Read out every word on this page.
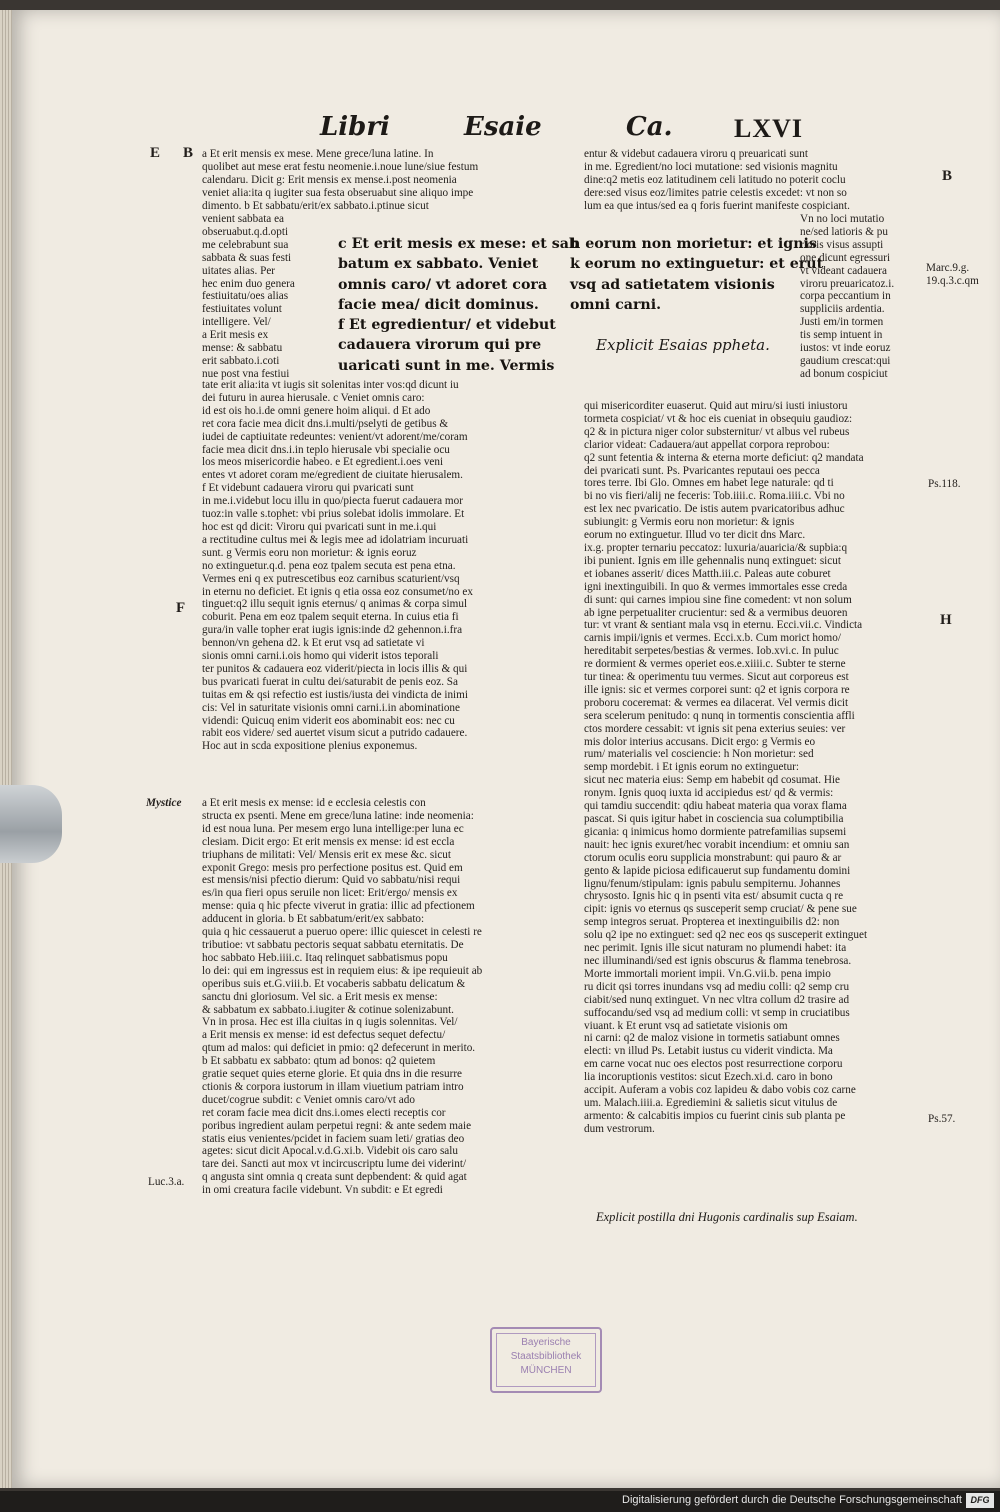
Libri	Esaie	Ca. LXVI
E B
B
F
H
Mystice
Marc.9.g.
19.q.3.c.qm
Ps.118.
Ps.57.
Luc.3.a.
a Et erit mensis ex mese. Mene grece/luna latine. In
quolibet aut mese erat festu neomenie.i.noue lune/siue festum
calendaru. Dicit g: Erit mensis ex mense.i.post neomenia
veniet alia:ita q iugiter sua festa obseruabut sine aliquo impe
dimento. b Et sabbatu/erit/ex sabbato.i.ptinue sicut
venient sabbata ea
obseruabut.q.d.opti
me celebrabunt sua
sabbata & suas festi
uitates alias. Per
hec enim duo genera
festiuitatu/oes alias
festiuitates volunt
intelligere. Vel/
a Erit mesis ex
mense: & sabbatu
erit sabbato.i.coti
nue post vna festiui
c Et erit mesis ex mese: et sab
batum ex sabbato. Veniet
omnis caro/ vt adoret cora
facie mea/ dicit dominus.
f Et egredientur/ et videbut
cadauera virorum qui pre
uaricati sunt in me. Vermis
h eorum non morietur: et
k eorum no extinguetur: et
vsq ad satietatem visionis
omni carni.
Explicit Esaias ppheta.
entur & videbut cadauera viroru q preuaricati sunt
in me. Egredient/no loci mutatione: sed visionis magnitu
dine:q2 metis eoz latitudinem celi latitudo no poterit coclu
dere:sed visus eoz/limites patrie celestis excedet: vt non so
lum ea que intus/sed ea q foris fuerint manifeste cospiciant.
Vn no loci mutatio
ne/sed latioris & pu
rioris visus assupti
one dicunt egressuri
vt videant cadauera
viroru preuaricatoz.i.
corpa peccantium in
suppliciis ardentia.
Justi em/in tormen
tis semp intuent in
iustos: vt inde eoruz
gaudium crescat:qui
ad bonum cospiciut
tate erit alia:ita vt iugis sit solenitas inter vos:qd dicunt iu
dei futuru in aurea hierusale. c Veniet omnis caro:
id est ois ho.i.de omni genere hoim aliqui. d Et ado
ret cora facie mea dicit dns.i.multi/pselyti de getibus &
iudei de captiuitate redeuntes: venient/vt adorent/me/coram
facie mea dicit dns.i.in teplo hierusale vbi specialie ocu
los meos misericordie habeo. e Et egredient.i.oes veni
entes vt adoret coram me/egredient de ciuitate hierusalem.
f Et videbunt cadauera viroru qui pvaricati sunt
in me.i.videbut locu illu in quo/piecta fuerut cadauera mor
tuoz:in valle s.tophet: vbi prius solebat idolis immolare. Et
hoc est qd dicit: Viroru qui pvaricati sunt in me.i.qui
a rectitudine cultus mei & legis mee ad idolatriam incuruati
sunt. g Vermis eoru non morietur: & ignis eoruz
no extinguetur.q.d. pena eoz tpalem secuta est pena etna.
Vermes eni q ex putrescetibus eoz carnibus scaturient/vsq
in eternu no deficiet. Et ignis q etia ossa eoz consumet/no ex
tinguet:q2 illu sequit ignis eternus/ q animas & corpa simul
coburit. Pena em eoz tpalem sequit eterna. In cuius etia fi
gura/in valle topher erat iugis ignis:inde d2 gehennon.i.fra
bennon/vn gehena d2. k Et erut vsq ad satietate vi
sionis omni carni.i.ois homo qui viderit istos teporali
ter punitos & cadauera eoz viderit/piecta in locis illis & qui
bus pvaricati fuerat in cultu dei/saturabit de penis eoz. Sa
tuitas em & qsi refectio est iustis/iusta dei vindicta de inimi
cis: Vel in saturitate visionis omni carni.i.in abominatione
videndi: Quicuq enim viderit eos abominabit eos: nec cu
rabit eos videre/ sed auertet visum sicut a putrido cadauere.
Hoc aut in scda expositione plenius exponemus.
a Et erit mesis ex mense: id e ecclesia celestis con
structa ex psenti. Mene em grece/luna latine: inde neomenia:
id est noua luna. Per mesem ergo luna intellige:per luna ec
clesiam. Dicit ergo: Et erit mensis ex mense: id est eccla
triuphans de militati: Vel/ Mensis erit ex mese &c. sicut
exponit Grego: mesis pro perfectione positus est. Quid em
est mensis/nisi pfectio dierum: Quid vo sabbatu/nisi requi
es/in qua fieri opus seruile non licet: Erit/ergo/ mensis ex
mense: quia q hic pfecte viverut in gratia: illic ad pfectionem
adducent in gloria. b Et sabbatum/erit/ex sabbato:
quia q hic cessauerut a pueruo opere: illic quiescet in celesti re
tributioe: vt sabbatu pectoris sequat sabbatu eternitatis. De
hoc sabbato Heb.iiii.c. Itaq relinquet sabbatismus popu
lo dei: qui em ingressus est in requiem eius: & ipe requieuit ab
operibus suis et.G.viii.b. Et vocaberis sabbatu delicatum &
sanctu dni gloriosum. Vel sic. a Erit mesis ex mense:
& sabbatum ex sabbato.i.iugiter & cotinue solenizabunt.
Vn in prosa. Hec est illa ciuitas in q iugis solennitas. Vel/
a Erit mensis ex mense: id est defectus sequet defectu/
qtum ad malos: qui deficiet in pmio: q2 defecerunt in merito.
b Et sabbatu ex sabbato: qtum ad bonos: q2 quietem
gratie sequet quies eterne glorie. Et quia dns in die resurre
ctionis & corpora iustorum in illam viuetium patriam intro
ducet/cogrue subdit: c Veniet omnis caro/vt ado
ret coram facie mea dicit dns.i.omes electi receptis cor
poribus ingredient aulam perpetui regni: & ante sedem maie
statis eius venientes/pcidet in faciem suam leti/ gratias deo
agetes: sicut dicit Apocal.v.d.G.xi.b. Videbit ois caro salu
tare dei. Sancti aut mox vt incircuscriptu lume dei viderint/
q angusta sint omnia q creata sunt depbendent: & quid agat
in omi creatura facile videbunt. Vn subdit: e Et egredi
qui misericorditer euaserut. Quid aut miru/si iusti iniustoru
tormeta cospiciat/ vt & hoc eis cueniat in obsequiu gaudioz:
q2 & in pictura niger color substernitur/ vt albus vel rubeus
clarior videat: Cadauera/aut appellat corpora reprobou:
q2 sunt fetentia & interna & eterna morte deficiut: q2 mandata
dei pvaricati sunt. Ps. Pvaricantes reputaui oes pecca
tores terre. Ibi Glo. Omnes em habet lege naturale: qd ti
bi no vis fieri/alij ne feceris: Tob.iiii.c. Roma.iiii.c. Vbi no
est lex nec pvaricatio. De istis autem pvaricatoribus adhuc
subiungit: g Vermis eoru non morietur: & ignis
eorum no extinguetur. Illud vo ter dicit dns Marc.
ix.g. propter ternariu peccatoz: luxuria/auaricia/& supbia:q
ibi punient. Ignis em ille gehennalis nunq extinguet: sicut
et iobanes asserit/ dices Matth.iii.c. Paleas aute coburet
igni inextinguibili. In quo & vermes immortales esse creda
di sunt: qui carnes impiou sine fine comedent: vt non solum
ab igne perpetualiter crucientur: sed & a vermibus deuoren
tur: vt vrant & sentiant mala vsq in eternu. Ecci.vii.c. Vindicta
carnis impii/ignis et vermes. Ecci.x.b. Cum morict homo/
hereditabit serpetes/bestias & vermes. Iob.xvi.c. In puluc
re dormient & vermes operiet eos.e.xiiii.c. Subter te sterne
tur tinea: & operimentu tuu vermes. Sicut aut corporeus est
ille ignis: sic et vermes corporei sunt: q2 et ignis corpora re
proboru coceremat: & vermes ea dilacerat. Vel vermis dicit
sera scelerum penitudo: q nunq in tormentis conscientia affli
ctos mordere cessabit: vt ignis sit pena exterius seuies: ver
mis dolor interius accusans. Dicit ergo: g Vermis eo
rum/ materialis vel cosciencie: h Non morietur: sed
semp mordebit. i Et ignis eorum no extinguetur:
sicut nec materia eius: Semp em habebit qd cosumat. Hie
ronym. Ignis quoq iuxta id accipiedus est/ qd & vermis:
qui tamdiu succendit: qdiu habeat materia qua vorax flama
pascat. Si quis igitur habet in cosciencia sua columptibilia
gicania: q inimicus homo dormiente patrefamilias supsemi
nauit: hec ignis exuret/hec vorabit incendium: et omniu san
ctorum oculis eoru supplicia monstrabunt: qui pauro & ar
gento & lapide piciosa edificauerut sup fundamentu domini
lignu/fenum/stipulam: ignis pabulu sempiternu. Johannes
chrysosto. Ignis hic q in psenti vita est/ absumit cucta q re
cipit: ignis vo eternus qs susceperit semp cruciat/ & pene sue
semp integros seruat. Propterea et inextinguibilis d2: non
solu q2 ipe no extinguet: sed q2 nec eos qs susceperit extinguet
nec perimit. Ignis ille sicut naturam no plumendi habet: ita
nec illuminandi/sed est ignis obscurus & flamma tenebrosa.
Morte immortali morient impii. Vn.G.vii.b. pena impio
ru dicit qsi torres inundans vsq ad mediu colli: q2 semp cru
ciabit/sed nunq extinguet. Vn nec vltra collum d2 trasire ad
suffocandu/sed vsq ad medium colli: vt semp in cruciatibus
viuant. k Et erunt vsq ad satietate visionis om
ni carni: q2 de maloz visione in tormetis satiabunt omnes
electi: vn illud Ps. Letabit iustus cu viderit vindicta. Ma
em carne vocat nuc oes electos post resurrectione corporu
lia incoruptionis vestitos: sicut Ezech.xi.d. caro in bono
accipit. Auferam a vobis coz lapideu & dabo vobis coz carne
um. Malach.iiii.a. Egrediemini & salietis sicut vitulus de
armento: & calcabitis impios cu fuerint cinis sub planta pe
dum vestrorum.
Explicit postilla dni Hugonis cardinalis sup Esaiam.
Bayerische
Staatsbibliothek
MÜNCHEN
Digitalisierung gefördert durch die Deutsche Forschungsgemeinschaft DFG
